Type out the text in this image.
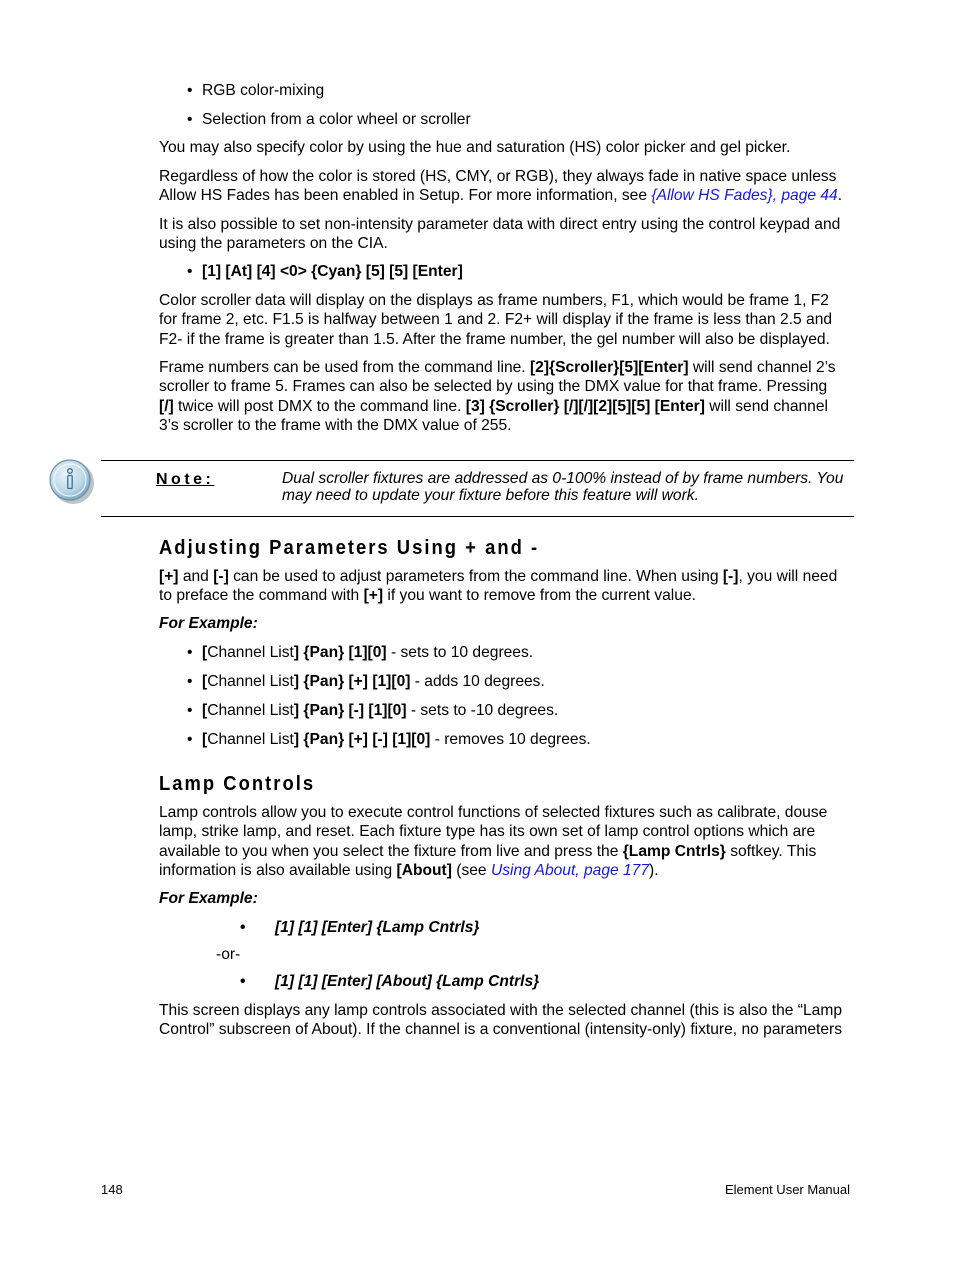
• RGB color-mixing
• Selection from a color wheel or scroller

You may also specify color by using the hue and saturation (HS) color picker and gel picker.

Regardless of how the color is stored (HS, CMY, or RGB), they always fade in native space unless
Allow HS Fades has been enabled in Setup. For more information, see {Allow HS Fades}, page 44.

It is also possible to set non-intensity parameter data with direct entry using the control keypad and
using the parameters on the CIA.

• [1] [At] [4] <0> {Cyan} [5] [5] [Enter]

Color scroller data will display on the displays as frame numbers, F1, which would be frame 1, F2
for frame 2, etc. F1.5 is halfway between 1 and 2. F2+ will display if the frame is less than 2.5 and
F2- if the frame is greater than 1.5. After the frame number, the gel number will also be displayed.

Frame numbers can be used from the command line. [2]{Scroller}[5][Enter] will send channel 2’s
scroller to frame 5. Frames can also be selected by using the DMX value for that frame. Pressing
[/] twice will post DMX to the command line. [3] {Scroller} [/][/][2][5][5] [Enter] will send channel
3’s scroller to the frame with the DMX value of 255.

Note:	Dual scroller fixtures are addressed as 0-100% instead of by frame numbers. You
may need to update your fixture before this feature will work.

Adjusting Parameters Using + and -

[+] and [-] can be used to adjust parameters from the command line. When using [-], you will need
to preface the command with [+] if you want to remove from the current value.

For Example:
• [Channel List] {Pan} [1][0] - sets to 10 degrees.
• [Channel List] {Pan} [+] [1][0] - adds 10 degrees.
• [Channel List] {Pan} [-] [1][0] - sets to -10 degrees.
• [Channel List] {Pan} [+] [-] [1][0] - removes 10 degrees.
Lamp Controls

Lamp controls allow you to execute control functions of selected fixtures such as calibrate, douse
lamp, strike lamp, and reset. Each fixture type has its own set of lamp control options which are
available to you when you select the fixture from live and press the {Lamp Cntrls} softkey. This
information is also available using [About] (see Using About, page 177).

For Example:
• [1] [1] [Enter] {Lamp Cntrls}
-or-
• [1] [1] [Enter] [About] {Lamp Cntrls}

This screen displays any lamp controls associated with the selected channel (this is also the “Lamp
Control” subscreen of About). If the channel is a conventional (intensity-only) fixture, no parameters

148	Element User Manual
